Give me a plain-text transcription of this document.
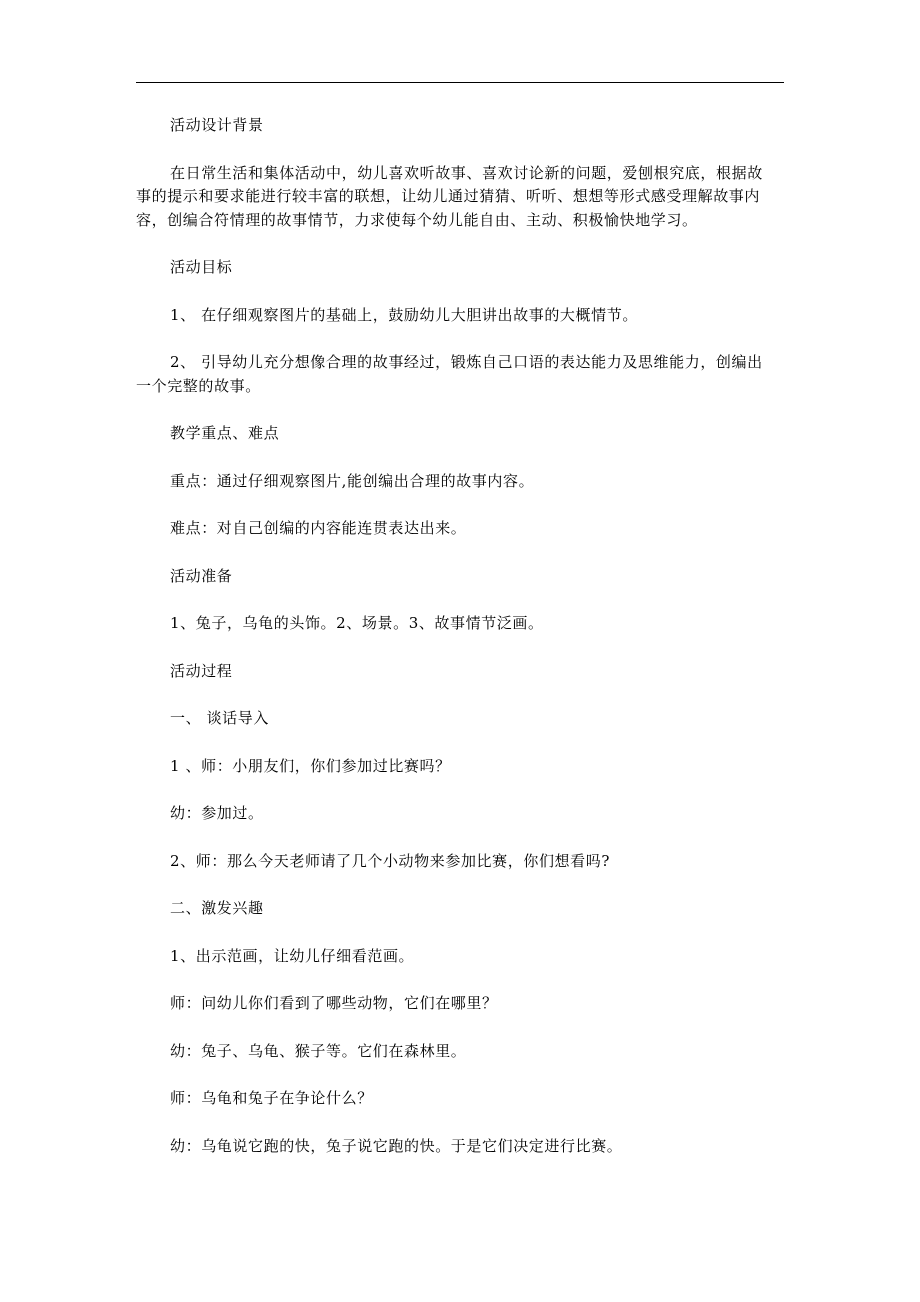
活动设计背景

在日常生活和集体活动中，幼儿喜欢听故事、喜欢讨论新的问题，爱刨根究底，根据故
事的提示和要求能进行较丰富的联想，让幼儿通过猜猜、听听、想想等形式感受理解故事内
容，创编合符情理的故事情节，力求使每个幼儿能自由、主动、积极愉快地学习。

活动目标

1、 在仔细观察图片的基础上，鼓励幼儿大胆讲出故事的大概情节。

2、 引导幼儿充分想像合理的故事经过，锻炼自己口语的表达能力及思维能力，创编出
一个完整的故事。

教学重点、难点

重点：通过仔细观察图片,能创编出合理的故事内容。

难点：对自己创编的内容能连贯表达出来。

活动准备

1、兔子，乌龟的头饰。2、场景。3、故事情节泛画。

活动过程

一、 谈话导入

1 、师：小朋友们，你们参加过比赛吗？

幼：参加过。

2、师：那么今天老师请了几个小动物来参加比赛，你们想看吗?

二、激发兴趣

1、出示范画，让幼儿仔细看范画。

师：问幼儿你们看到了哪些动物，它们在哪里？

幼：兔子、乌龟、猴子等。它们在森林里。

师：乌龟和兔子在争论什么？

幼：乌龟说它跑的快，兔子说它跑的快。于是它们决定进行比赛。
